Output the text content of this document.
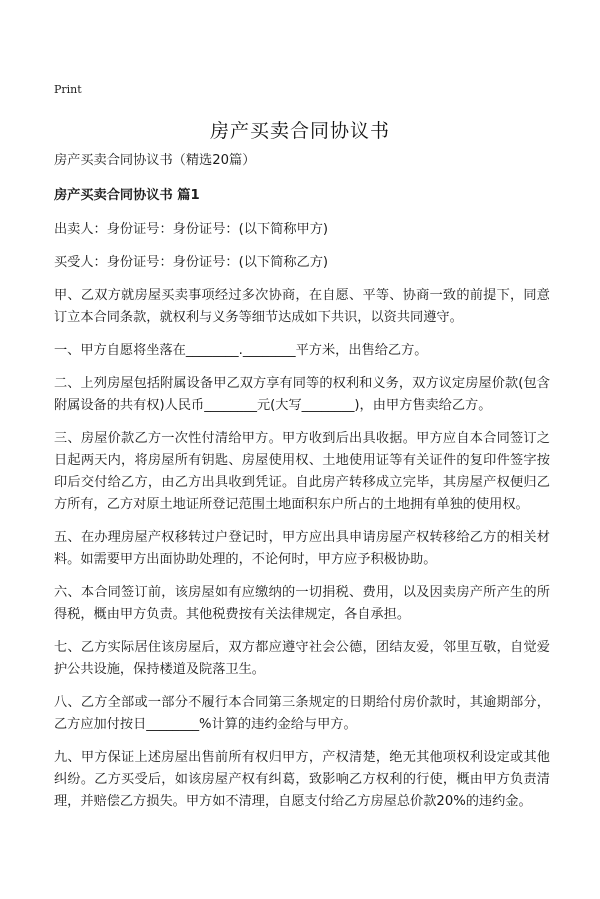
Print
房产买卖合同协议书

房产买卖合同协议书（精选20篇）

房产买卖合同协议书 篇1

出卖人：身份证号：身份证号：(以下简称甲方)

买受人：身份证号：身份证号：(以下简称乙方)

甲、乙双方就房屋买卖事项经过多次协商，在自愿、平等、协商一致的前提下，同意订立本合同条款，就权利与义务等细节达成如下共识，以资共同遵守。

一、甲方自愿将坐落在________.________平方米，出售给乙方。

二、上列房屋包括附属设备甲乙双方享有同等的权利和义务，双方议定房屋价款(包含附属设备的共有权)人民币________元(大写________)，由甲方售卖给乙方。

三、房屋价款乙方一次性付清给甲方。甲方收到后出具收据。甲方应自本合同签订之日起两天内，将房屋所有钥匙、房屋使用权、土地使用证等有关证件的复印件签字按印后交付给乙方，由乙方出具收到凭证。自此房产转移成立完毕，其房屋产权便归乙方所有，乙方对原土地证所登记范围土地面积东户所占的土地拥有单独的使用权。

五、在办理房屋产权移转过户登记时，甲方应出具申请房屋产权转移给乙方的相关材料。如需要甲方出面协助处理的，不论何时，甲方应予积极协助。

六、本合同签订前，该房屋如有应缴纳的一切捐税、费用，以及因卖房产所产生的所得税，概由甲方负责。其他税费按有关法律规定，各自承担。

七、乙方实际居住该房屋后，双方都应遵守社会公德，团结友爱，邻里互敬，自觉爱护公共设施，保持楼道及院落卫生。

八、乙方全部或一部分不履行本合同第三条规定的日期给付房价款时，其逾期部分，乙方应加付按日________%计算的违约金给与甲方。

九、甲方保证上述房屋出售前所有权归甲方，产权清楚，绝无其他项权利设定或其他纠纷。乙方买受后，如该房屋产权有纠葛，致影响乙方权利的行使，概由甲方负责清理，并赔偿乙方损失。甲方如不清理，自愿支付给乙方房屋总价款20%的违约金。
